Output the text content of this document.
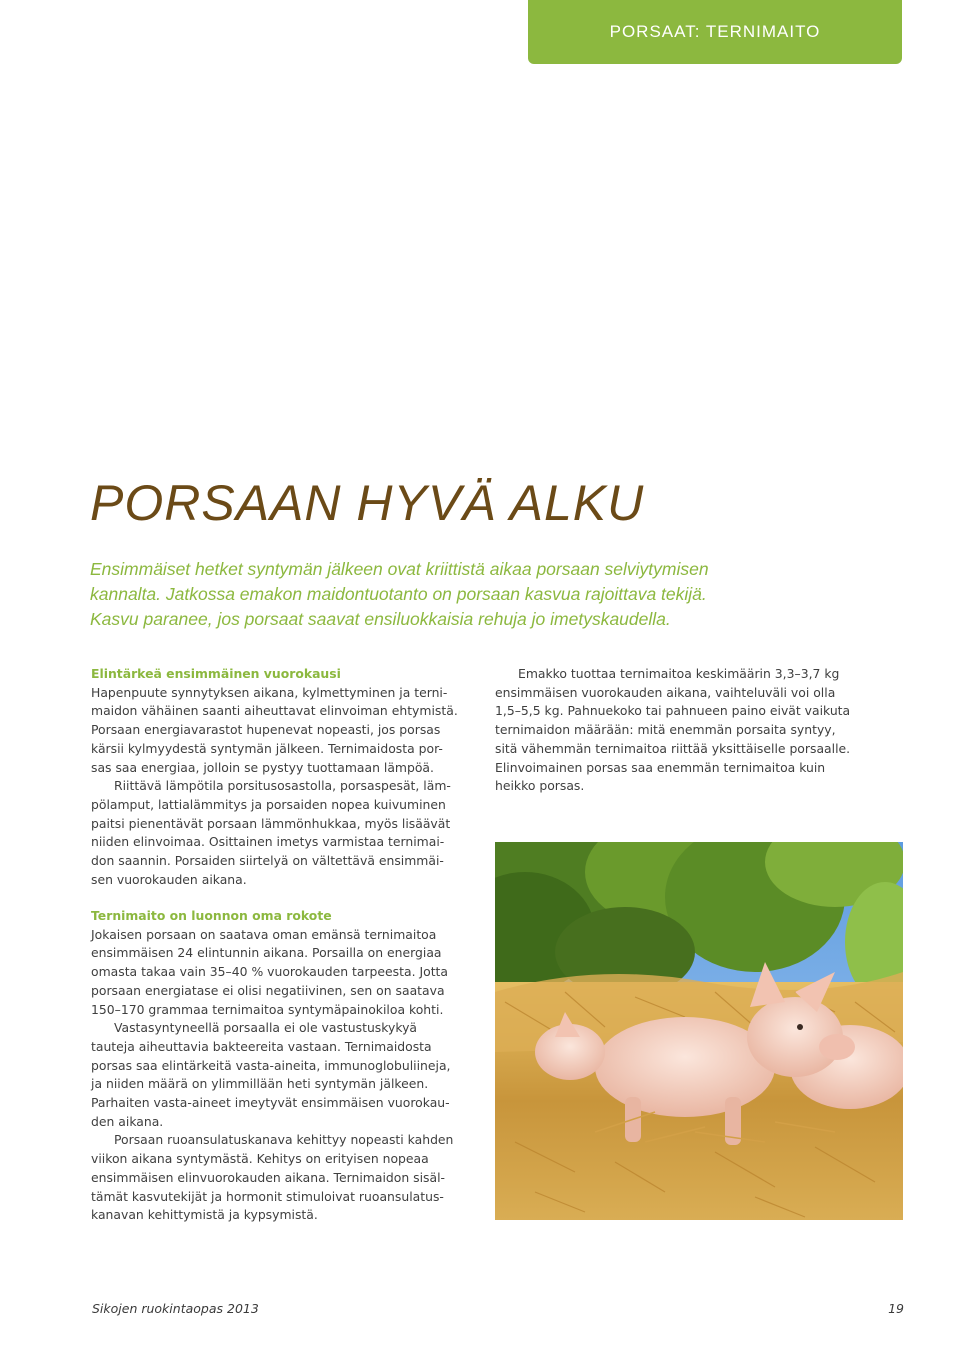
PORSAAT: TERNIMAITO
PORSAAN HYVÄ ALKU
Ensimmäiset hetket syntymän jälkeen ovat kriittistä aikaa porsaan selviytymisen
kannalta. Jatkossa emakon maidontuotanto on porsaan kasvua rajoittava tekijä.
Kasvu paranee, jos porsaat saavat ensiluokkaisia rehuja jo imetyskaudella.
Elintärkeä ensimmäinen vuorokausi

Hapenpuute synnytyksen aikana, kylmettyminen ja terni-

maidon vähäinen saanti aiheuttavat elinvoiman ehtymistä.

Porsaan energiavarastot hupenevat nopeasti, jos porsas

kärsii kylmyydestä syntymän jälkeen. Ternimaidosta por-

sas saa energiaa, jolloin se pystyy tuottamaan lämpöä.

Riittävä lämpötila porsitusosastolla, porsaspesät, läm-

pölamput, lattialämmitys ja porsaiden nopea kuivuminen

paitsi pienentävät porsaan lämmönhukkaa, myös lisäävät

niiden elinvoimaa. Osittainen imetys varmistaa ternimai-

don saannin. Porsaiden siirtelyä on vältettävä ensimmäi-

sen vuorokauden aikana.

Ternimaito on luonnon oma rokote

Jokaisen porsaan on saatava oman emänsä ternimaitoa

ensimmäisen 24 elintunnin aikana. Porsailla on energiaa

omasta takaa vain 35–40 % vuorokauden tarpeesta. Jotta

porsaan energiatase ei olisi negatiivinen, sen on saatava

150–170 grammaa ternimaitoa syntymäpainokiloa kohti.

Vastasyntyneellä porsaalla ei ole vastustuskykyä

tauteja aiheuttavia bakteereita vastaan. Ternimaidosta

porsas saa elintärkeitä vasta-aineita, immunoglobuliineja,

ja niiden määrä on ylimmillään heti syntymän jälkeen.

Parhaiten vasta-aineet imeytyvät ensimmäisen vuorokau-

den aikana.

Porsaan ruoansulatuskanava kehittyy nopeasti kahden

viikon aikana syntymästä. Kehitys on erityisen nopeaa

ensimmäisen elinvuorokauden aikana. Ternimaidon sisäl-

tämät kasvutekijät ja hormonit stimuloivat ruoansulatus-

kanavan kehittymistä ja kypsymistä.

Emakko tuottaa ternimaitoa keskimäärin 3,3–3,7 kg

ensimmäisen vuorokauden aikana, vaihteluväli voi olla

1,5–5,5 kg. Pahnuekoko tai pahnueen paino eivät vaikuta

ternimaidon määrään: mitä enemmän porsaita syntyy,

sitä vähemmän ternimaitoa riittää yksittäiselle porsaalle.

Elinvoimainen porsas saa enemmän ternimaitoa kuin

heikko porsas.

Sikojen ruokintaopas 2013	19
